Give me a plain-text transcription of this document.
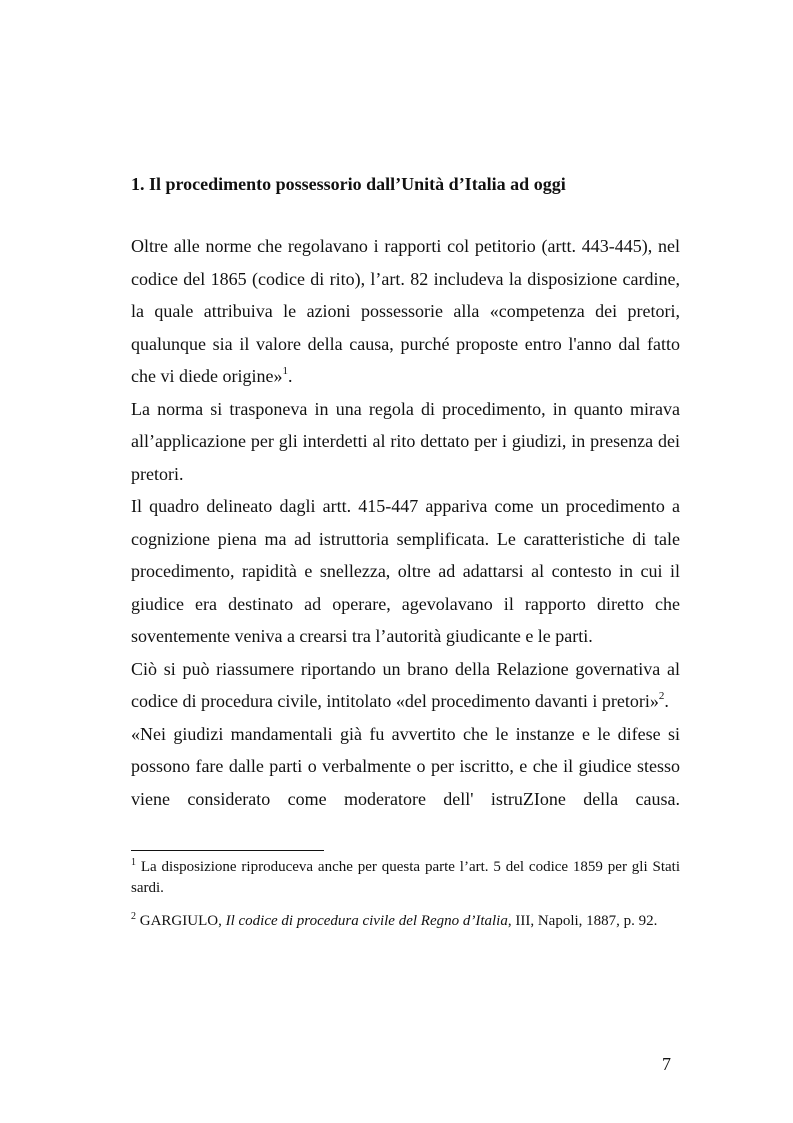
1. Il procedimento possessorio dall’Unità d’Italia ad oggi

Oltre alle norme che regolavano i rapporti col petitorio (artt. 443-445), nel codice del 1865 (codice di rito), l’art. 82 includeva la disposizione cardine, la quale attribuiva le azioni possessorie alla «competenza dei pretori, qualunque sia il valore della causa, purché proposte entro l'anno dal fatto che vi diede origine»$^1$.

La norma si trasponeva in una regola di procedimento, in quanto mirava all’applicazione per gli interdetti al rito dettato per i giudizi, in presenza dei pretori.

Il quadro delineato dagli artt. 415-447 appariva come un procedimento a cognizione piena ma ad istruttoria semplificata. Le caratteristiche di tale procedimento, rapidità e snellezza, oltre ad adattarsi al contesto in cui il giudice era destinato ad operare, agevolavano il rapporto diretto che soventemente veniva a crearsi tra l’autorità giudicante e le parti.

Ciò si può riassumere riportando un brano della Relazione governativa al codice di procedura civile, intitolato «del procedimento davanti i pretori»$^2$.

«Nei giudizi mandamentali già fu avvertito che le instanze e le difese si possono fare dalle parti o verbalmente o per iscritto, e che il giudice stesso viene considerato come moderatore dell' istruZIone della causa.

$^1$ La disposizione riproduceva anche per questa parte l’art. 5 del codice 1859 per gli Stati sardi.

$^2$ GARGIULO, Il codice di procedura civile del Regno d’Italia, III, Napoli, 1887, p. 92.

7
